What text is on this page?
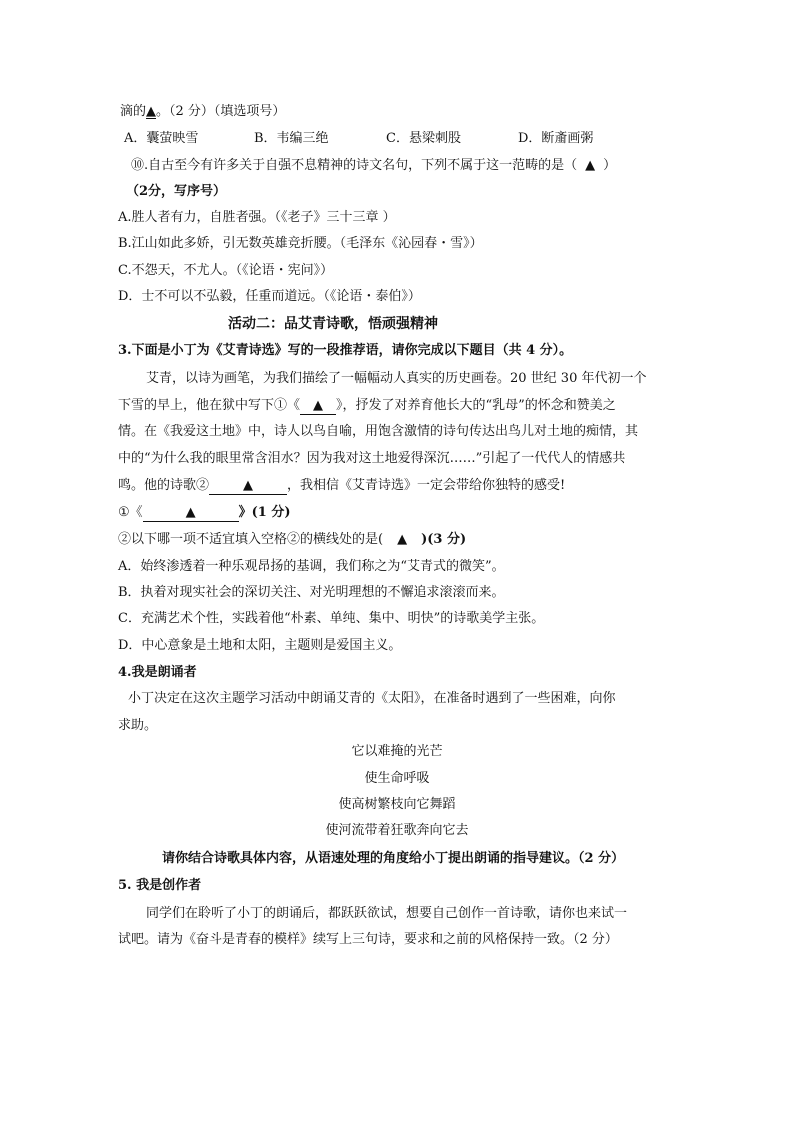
滴的▲。（2 分）（填选项号）
A．囊萤映雪	B．韦编三绝	C．悬梁刺股	D．断齑画粥
⑩.自古至今有许多关于自强不息精神的诗文名句，下列不属于这一范畴的是（ ▲ ）
（2分，写序号）
A.胜人者有力，自胜者强。（《老子》三十三章 ）
B.江山如此多娇，引无数英雄竞折腰。（毛泽东《沁园春・雪》）
C.不怨天，不尤人。（《论语・宪问》）
D．士不可以不弘毅，任重而道远。（《论语・泰伯》）
活动二：品艾青诗歌，悟顽强精神
3.下面是小丁为《艾青诗选》写的一段推荐语，请你完成以下题目（共 4 分）。
艾青，以诗为画笔，为我们描绘了一幅幅动人真实的历史画卷。20 世纪 30 年代初一个
下雪的早上，他在狱中写下①《 ▲ 》，抒发了对养育他长大的“乳母”的怀念和赞美之
情。在《我爱这土地》中，诗人以鸟自喻，用饱含激情的诗句传达出鸟儿对土地的痴情，其
中的“为什么我的眼里常含泪水？因为我对这土地爱得深沉……”引起了一代代人的情感共
鸣。他的诗歌②	▲	，我相信《艾青诗选》一定会带给你独特的感受!
①《	▲	》(1 分)
②以下哪一项不适宜填入空格②的横线处的是( ▲ )(3 分)
A．始终渗透着一种乐观昂扬的基调，我们称之为“艾青式的微笑”。
B．执着对现实社会的深切关注、对光明理想的不懈追求滚滚而来。
C．充满艺术个性，实践着他“朴素、单纯、集中、明快”的诗歌美学主张。
D．中心意象是土地和太阳，主题则是爱国主义。
4.我是朗诵者
小丁决定在这次主题学习活动中朗诵艾青的《太阳》，在准备时遇到了一些困难，向你
求助。
它以难掩的光芒
使生命呼吸
使高树繁枝向它舞蹈
使河流带着狂歌奔向它去
请你结合诗歌具体内容，从语速处理的角度给小丁提出朗诵的指导建议。（2 分）
5. 我是创作者
同学们在聆听了小丁的朗诵后，都跃跃欲试，想要自己创作一首诗歌，请你也来试一
试吧。请为《奋斗是青春的模样》续写上三句诗，要求和之前的风格保持一致。（2 分）
